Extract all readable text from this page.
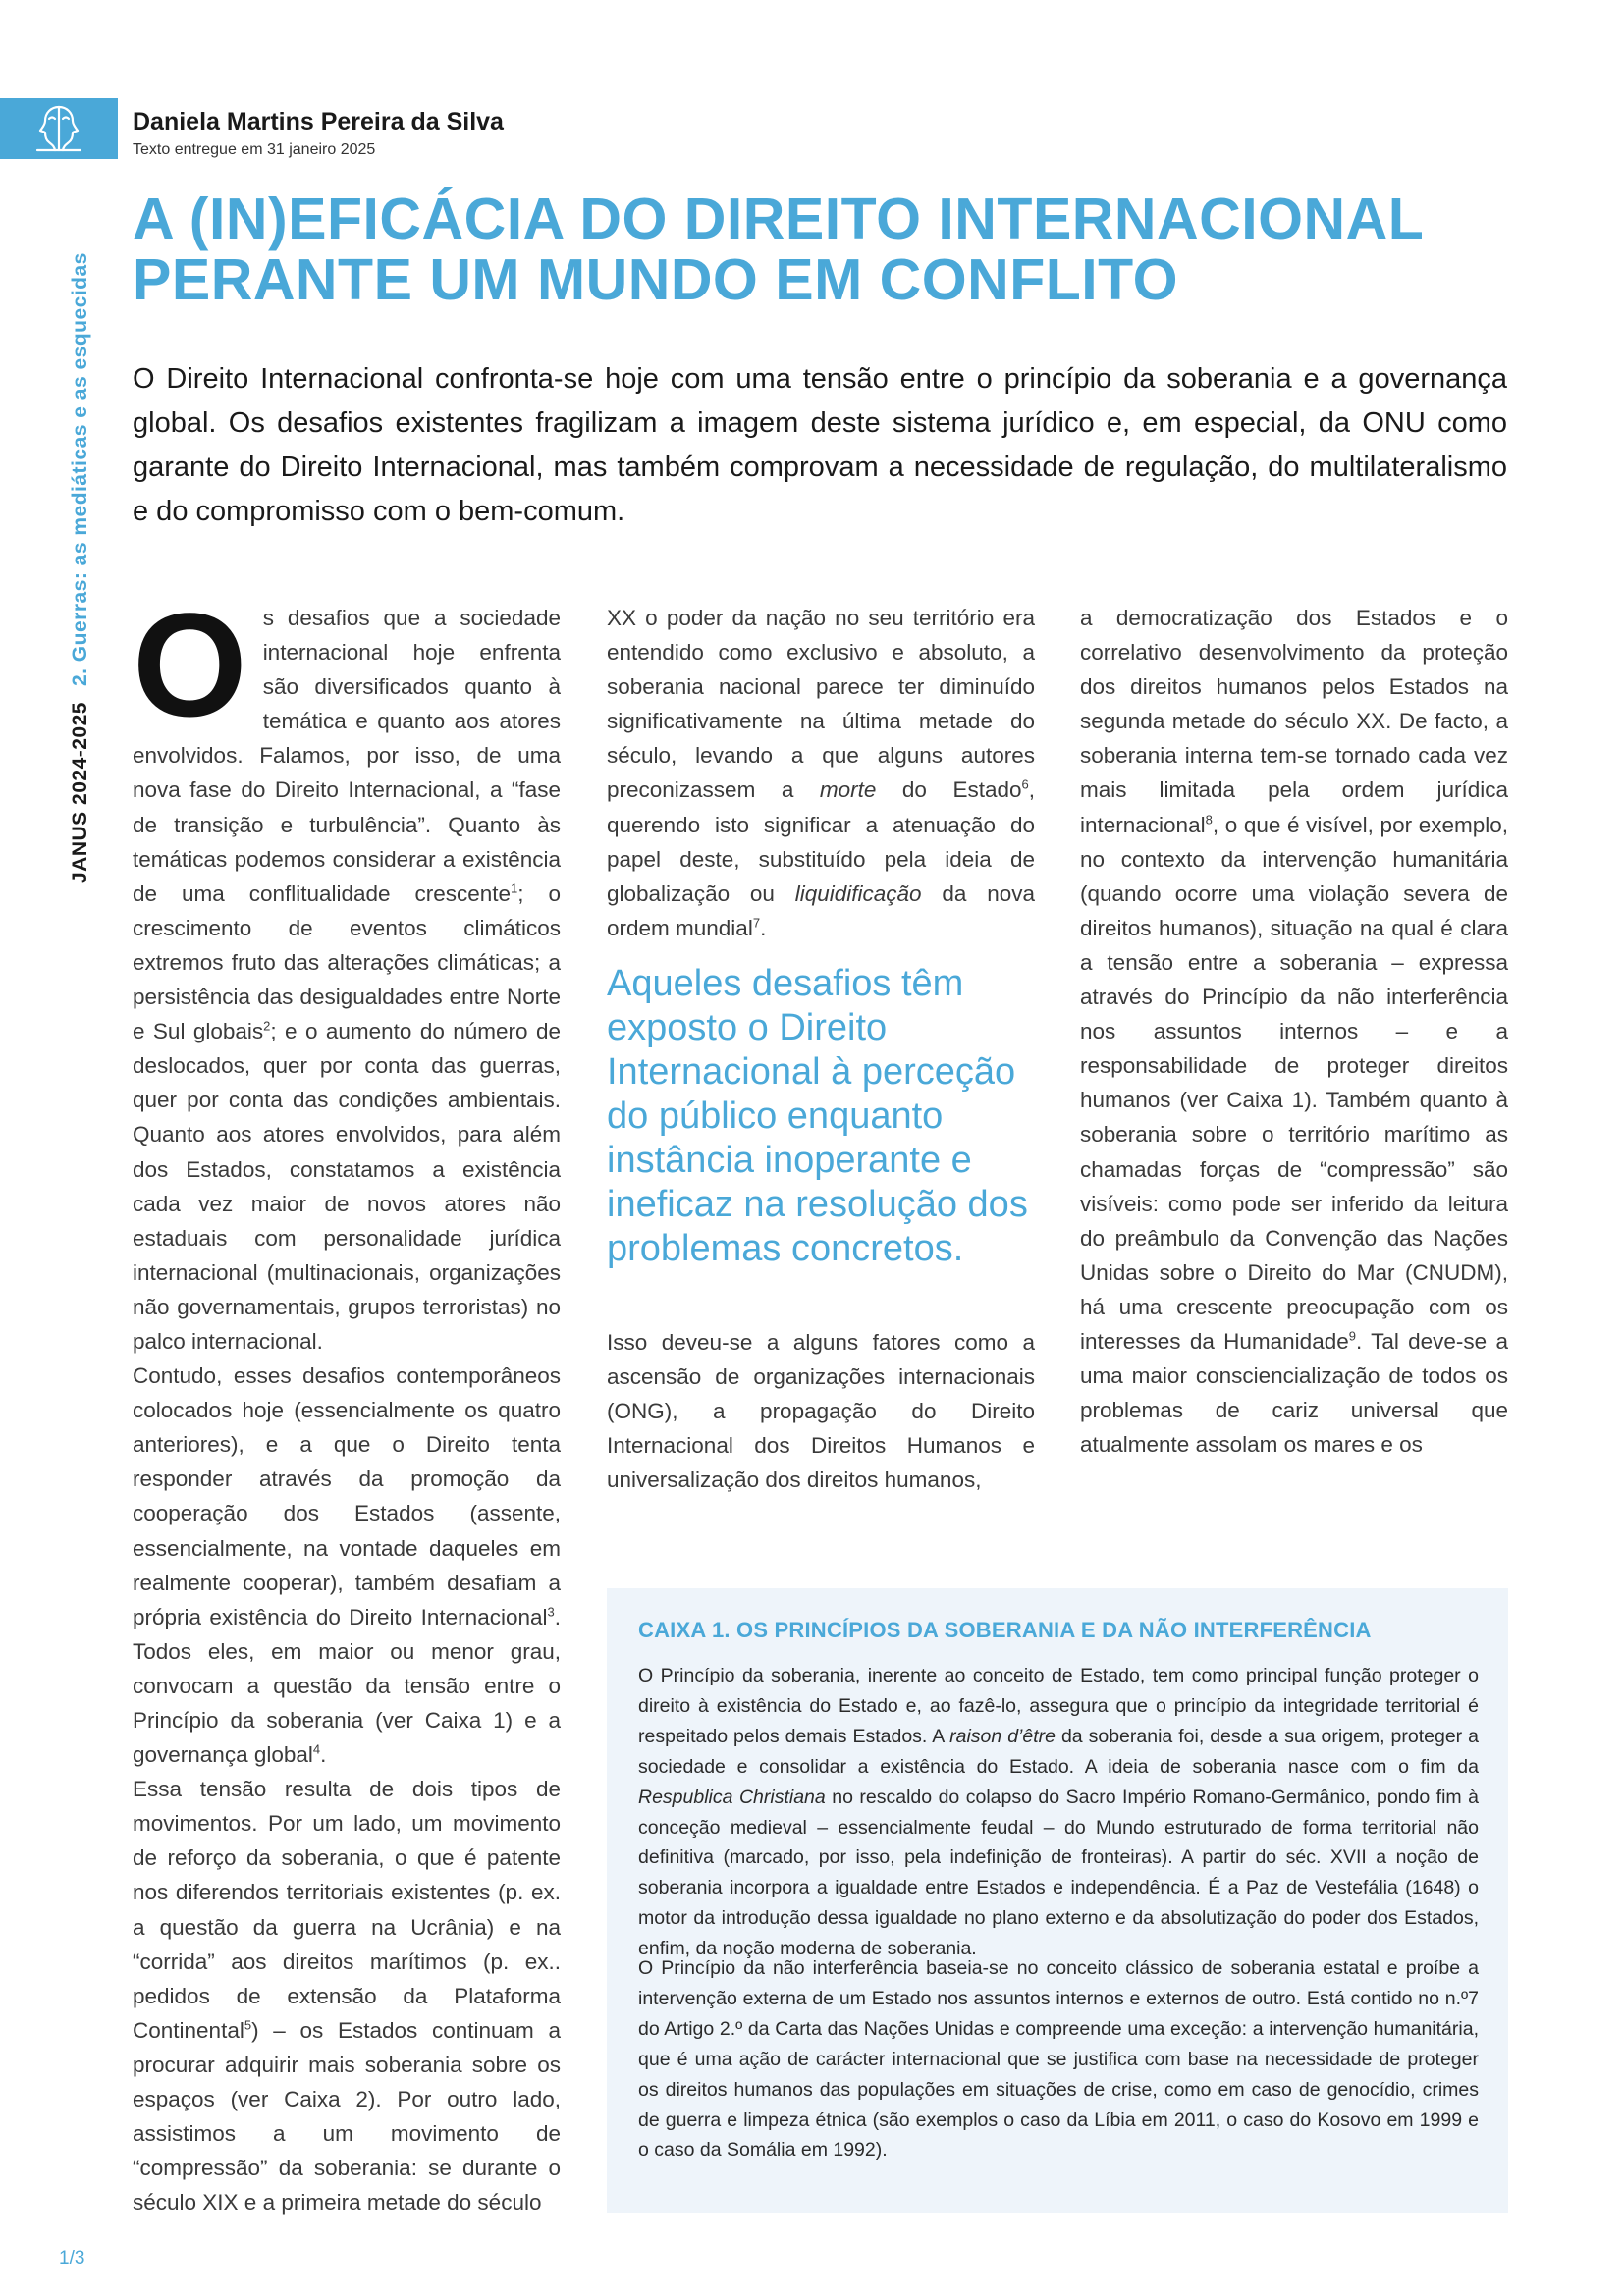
Daniela Martins Pereira da Silva
Texto entregue em 31 janeiro 2025
JANUS 2024-20252. Guerras: as mediáticas e as esquecidas
A (IN)EFICÁCIA DO DIREITO INTERNACIONAL
PERANTE UM MUNDO EM CONFLITO

O Direito Internacional confronta-se hoje com uma tensão entre o princípio da soberania e a governança global. Os desafios existentes fragilizam a imagem deste sistema jurídico e, em especial, da ONU como garante do Direito Internacional, mas também comprovam a necessidade de regulação, do multilateralismo e do compromisso com o bem-comum.

O s desafios que a sociedade internacional hoje enfrenta são diversificados quanto à temática e quanto aos atores envolvidos. Falamos, por isso, de uma nova fase do Direito Internacional, a “fase de transição e turbulência”. Quanto às temáticas podemos considerar a existência de uma conflitualidade crescente$^1$; o crescimento de eventos climáticos extremos fruto das alterações climáticas; a persistência das desigualdades entre Norte e Sul globais$^2$; e o aumento do número de deslocados, quer por conta das guerras, quer por conta das condições ambientais. Quanto aos atores envolvidos, para além dos Estados, constatamos a existência cada vez maior de novos atores não estaduais com personalidade jurídica internacional (multinacionais, organizações não governamentais, grupos terroristas) no palco internacional.

Contudo, esses desafios contemporâneos colocados hoje (essencialmente os quatro anteriores), e a que o Direito tenta responder através da promoção da cooperação dos Estados (assente, essencialmente, na vontade daqueles em realmente cooperar), também desafiam a própria existência do Direito Internacional$^3$. Todos eles, em maior ou menor grau, convocam a questão da tensão entre o Princípio da soberania (ver Caixa 1) e a governança global$^4$.

Essa tensão resulta de dois tipos de movimentos. Por um lado, um movimento de reforço da soberania, o que é patente nos diferendos territoriais existentes (p. ex. a questão da guerra na Ucrânia) e na “corrida” aos direitos marítimos (p. ex.. pedidos de extensão da Plataforma Continental$^5$) – os Estados continuam a procurar adquirir mais soberania sobre os espaços (ver Caixa 2). Por outro lado, assistimos a um movimento de “compressão” da soberania: se durante o século XIX e a primeira metade do século

XX o poder da nação no seu território era entendido como exclusivo e absoluto, a soberania nacional parece ter diminuído significativamente na última metade do século, levando a que alguns autores preconizassem a morte do Estado$^6$, querendo isto significar a atenuação do papel deste, substituído pela ideia de globalização ou liquidificação da nova ordem mundial$^7$.

Aqueles desafios têm exposto o Direito Internacional à perceção do público enquanto instância inoperante e ineficaz na resolução dos problemas concretos.

Isso deveu-se a alguns fatores como a ascensão de organizações internacionais (ONG), a propagação do Direito Internacional dos Direitos Humanos e universalização dos direitos humanos,

a democratização dos Estados e o correlativo desenvolvimento da proteção dos direitos humanos pelos Estados na segunda metade do século XX. De facto, a soberania interna tem-se tornado cada vez mais limitada pela ordem jurídica internacional$^8$, o que é visível, por exemplo, no contexto da intervenção humanitária (quando ocorre uma violação severa de direitos humanos), situação na qual é clara a tensão entre a soberania – expressa através do Princípio da não interferência nos assuntos internos – e a responsabilidade de proteger direitos humanos (ver Caixa 1). Também quanto à soberania sobre o território marítimo as chamadas forças de “compressão” são visíveis: como pode ser inferido da leitura do preâmbulo da Convenção das Nações Unidas sobre o Direito do Mar (CNUDM), há uma crescente preocupação com os interesses da Humanidade$^9$. Tal deve-se a uma maior consciencialização de todos os problemas de cariz universal que atualmente assolam os mares e os

CAIXA 1. OS PRINCÍPIOS DA SOBERANIA E DA NÃO INTERFERÊNCIA

O Princípio da soberania, inerente ao conceito de Estado, tem como principal função proteger o direito à existência do Estado e, ao fazê-lo, assegura que o princípio da integridade territorial é respeitado pelos demais Estados. A raison d’être da soberania foi, desde a sua origem, proteger a sociedade e consolidar a existência do Estado. A ideia de soberania nasce com o fim da Respublica Christiana no rescaldo do colapso do Sacro Império Romano-Germânico, pondo fim à conceção medieval – essencialmente feudal – do Mundo estruturado de forma territorial não definitiva (marcado, por isso, pela indefinição de fronteiras). A partir do séc. XVII a noção de soberania incorpora a igualdade entre Estados e independência. É a Paz de Vestefália (1648) o motor da introdução dessa igualdade no plano externo e da absolutização do poder dos Estados, enfim, da noção moderna de soberania.

O Princípio da não interferência baseia-se no conceito clássico de soberania estatal e proíbe a intervenção externa de um Estado nos assuntos internos e externos de outro. Está contido no n.º7 do Artigo 2.º da Carta das Nações Unidas e compreende uma exceção: a intervenção humanitária, que é uma ação de carácter internacional que se justifica com base na necessidade de proteger os direitos humanos das populações em situações de crise, como em caso de genocídio, crimes de guerra e limpeza étnica (são exemplos o caso da Líbia em 2011, o caso do Kosovo em 1999 e o caso da Somália em 1992).

1/3
